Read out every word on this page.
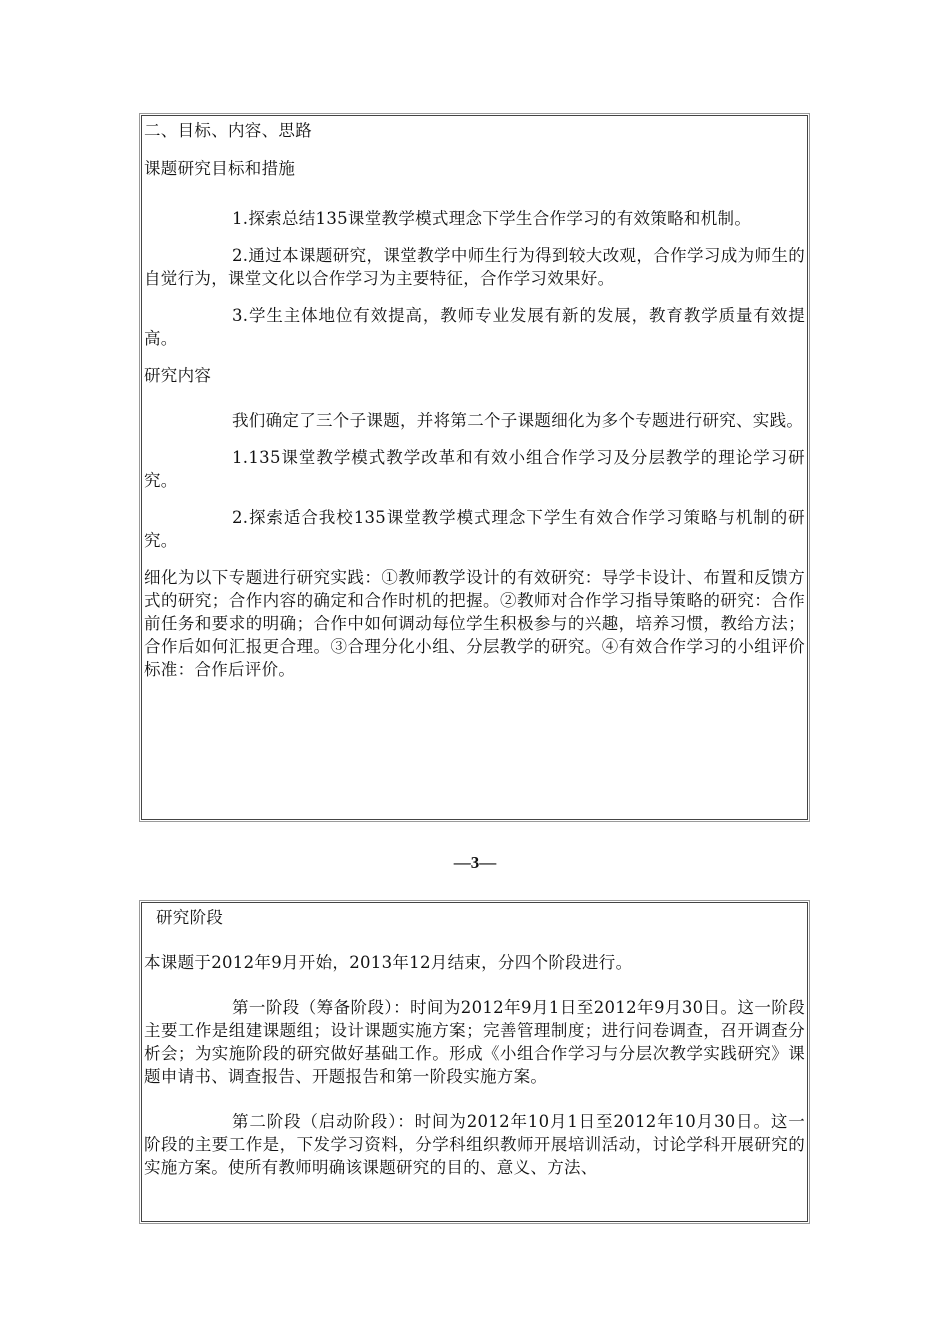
二、目标、内容、思路

课题研究目标和措施

1.探索总结135课堂教学模式理念下学生合作学习的有效策略和机制。

2.通过本课题研究，课堂教学中师生行为得到较大改观，合作学习成为师生的自觉行为，课堂文化以合作学习为主要特征，合作学习效果好。

3.学生主体地位有效提高，教师专业发展有新的发展，教育教学质量有效提高。

研究内容

我们确定了三个子课题，并将第二个子课题细化为多个专题进行研究、实践。

1.135课堂教学模式教学改革和有效小组合作学习及分层教学的理论学习研究。

2.探索适合我校135课堂教学模式理念下学生有效合作学习策略与机制的研究。

细化为以下专题进行研究实践：①教师教学设计的有效研究：导学卡设计、布置和反馈方式的研究；合作内容的确定和合作时机的把握。②教师对合作学习指导策略的研究：合作前任务和要求的明确；合作中如何调动每位学生积极参与的兴趣，培养习惯，教给方法；合作后如何汇报更合理。③合理分化小组、分层教学的研究。④有效合作学习的小组评价标准：合作后评价。

—3—

研究阶段

本课题于2012年9月开始，2013年12月结束，分四个阶段进行。

第一阶段（筹备阶段）：时间为2012年9月1日至2012年9月30日。这一阶段主要工作是组建课题组；设计课题实施方案；完善管理制度；进行问卷调查，召开调查分析会；为实施阶段的研究做好基础工作。形成《小组合作学习与分层次教学实践研究》课题申请书、调查报告、开题报告和第一阶段实施方案。

第二阶段（启动阶段）：时间为2012年10月1日至2012年10月30日。这一阶段的主要工作是，下发学习资料，分学科组织教师开展培训活动，讨论学科开展研究的实施方案。使所有教师明确该课题研究的目的、意义、方法、
